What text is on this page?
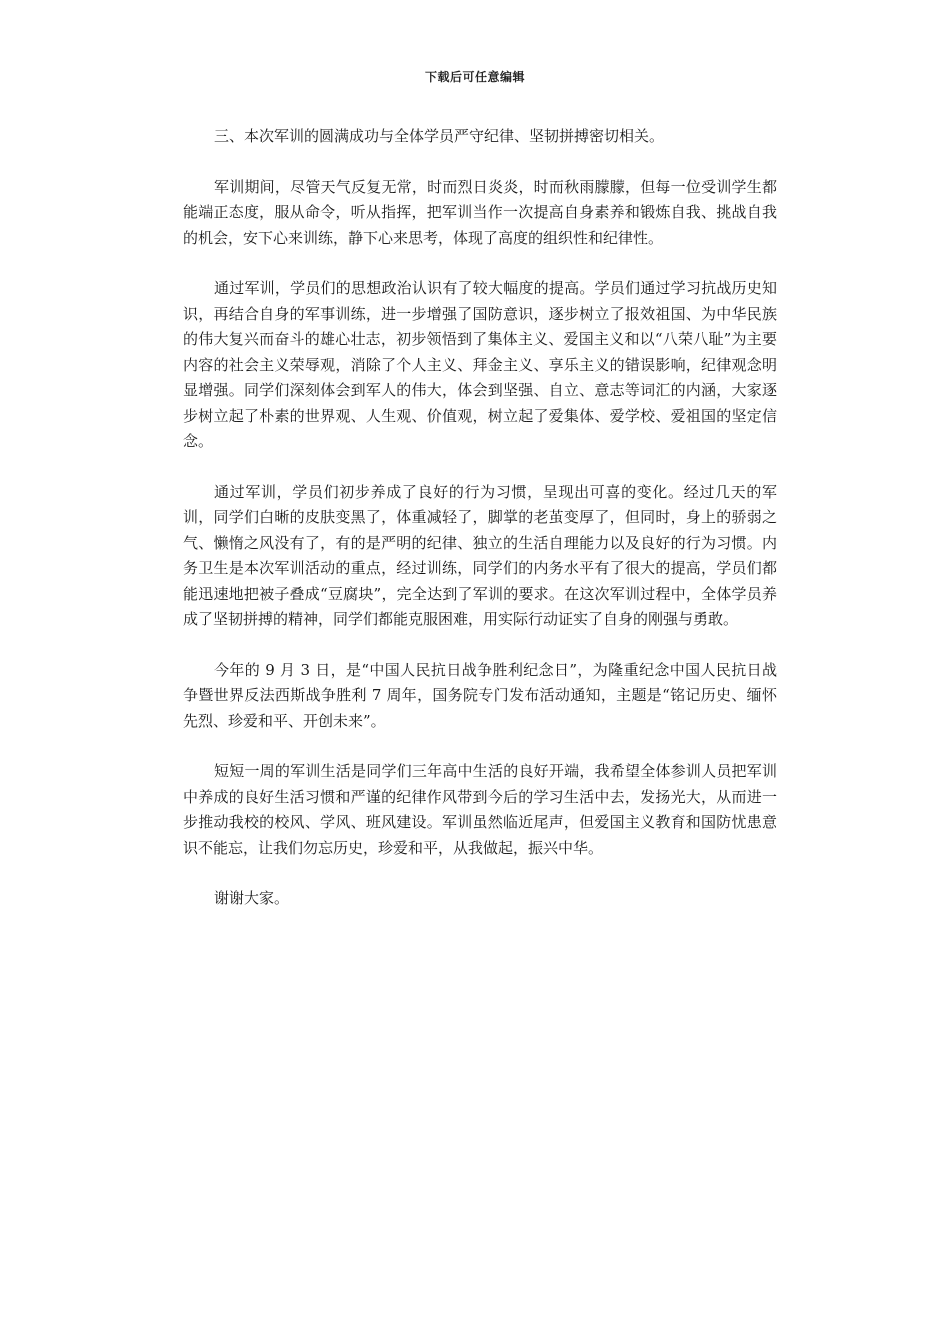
下载后可任意编辑

三、本次军训的圆满成功与全体学员严守纪律、坚韧拼搏密切相关。

军训期间，尽管天气反复无常，时而烈日炎炎，时而秋雨朦朦，但每一位受训学生都能端正态度，服从命令，听从指挥，把军训当作一次提高自身素养和锻炼自我、挑战自我的机会，安下心来训练，静下心来思考，体现了高度的组织性和纪律性。

通过军训，学员们的思想政治认识有了较大幅度的提高。学员们通过学习抗战历史知识，再结合自身的军事训练，进一步增强了国防意识，逐步树立了报效祖国、为中华民族的伟大复兴而奋斗的雄心壮志，初步领悟到了集体主义、爱国主义和以“八荣八耻”为主要内容的社会主义荣辱观，消除了个人主义、拜金主义、享乐主义的错误影响，纪律观念明显增强。同学们深刻体会到军人的伟大，体会到坚强、自立、意志等词汇的内涵，大家逐步树立起了朴素的世界观、人生观、价值观，树立起了爱集体、爱学校、爱祖国的坚定信念。

通过军训，学员们初步养成了良好的行为习惯，呈现出可喜的变化。经过几天的军训，同学们白晰的皮肤变黑了，体重减轻了，脚掌的老茧变厚了，但同时，身上的骄弱之气、懒惰之风没有了，有的是严明的纪律、独立的生活自理能力以及良好的行为习惯。内务卫生是本次军训活动的重点，经过训练，同学们的内务水平有了很大的提高，学员们都能迅速地把被子叠成“豆腐块”，完全达到了军训的要求。在这次军训过程中，全体学员养成了坚韧拼搏的精神，同学们都能克服困难，用实际行动证实了自身的刚强与勇敢。

今年的 9 月 3 日，是“中国人民抗日战争胜利纪念日”，为隆重纪念中国人民抗日战争暨世界反法西斯战争胜利 7 周年，国务院专门发布活动通知，主题是“铭记历史、缅怀先烈、珍爱和平、开创未来”。

短短一周的军训生活是同学们三年高中生活的良好开端，我希望全体参训人员把军训中养成的良好生活习惯和严谨的纪律作风带到今后的学习生活中去，发扬光大，从而进一步推动我校的校风、学风、班风建设。军训虽然临近尾声，但爱国主义教育和国防忧患意识不能忘，让我们勿忘历史，珍爱和平，从我做起，振兴中华。

谢谢大家。
